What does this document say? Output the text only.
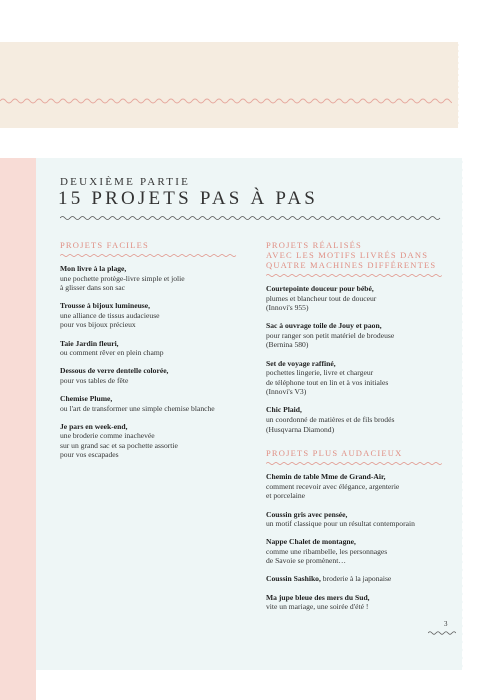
DEUXIÈME PARTIE
15 PROJETS PAS À PAS
PROJETS FACILES
Mon livre à la plage,
une pochette protège-livre simple et jolie
à glisser dans son sac
Trousse à bijoux lumineuse,
une alliance de tissus audacieuse
pour vos bijoux précieux
Taie Jardin fleuri,
ou comment rêver en plein champ
Dessous de verre dentelle colorée,
pour vos tables de fête
Chemise Plume,
ou l'art de transformer une simple chemise blanche
Je pars en week-end,
une broderie comme inachevée
sur un grand sac et sa pochette assortie
pour vos escapades
PROJETS RÉALISÉS
AVEC LES MOTIFS LIVRÉS DANS
QUATRE MACHINES DIFFÉRENTES
Courtepointe douceur pour bébé,
plumes et blancheur tout de douceur
(Innovi's 955)
Sac à ouvrage toile de Jouy et paon,
pour ranger son petit matériel de brodeuse
(Bernina 580)
Set de voyage raffiné,
pochettes lingerie, livre et chargeur
de téléphone tout en lin et à vos initiales
(Innovi's V3)
Chic Plaid,
un coordonné de matières et de fils brodés
(Husqvarna Diamond)
PROJETS PLUS AUDACIEUX
Chemin de table Mme de Grand-Air,
comment recevoir avec élégance, argenterie
et porcelaine
Coussin gris avec pensée,
un motif classique pour un résultat contemporain
Nappe Chalet de montagne,
comme une ribambelle, les personnages
de Savoie se promènent…
Coussin Sashiko, broderie à la japonaise
Ma jupe bleue des mers du Sud,
vite un mariage, une soirée d'été !
3
